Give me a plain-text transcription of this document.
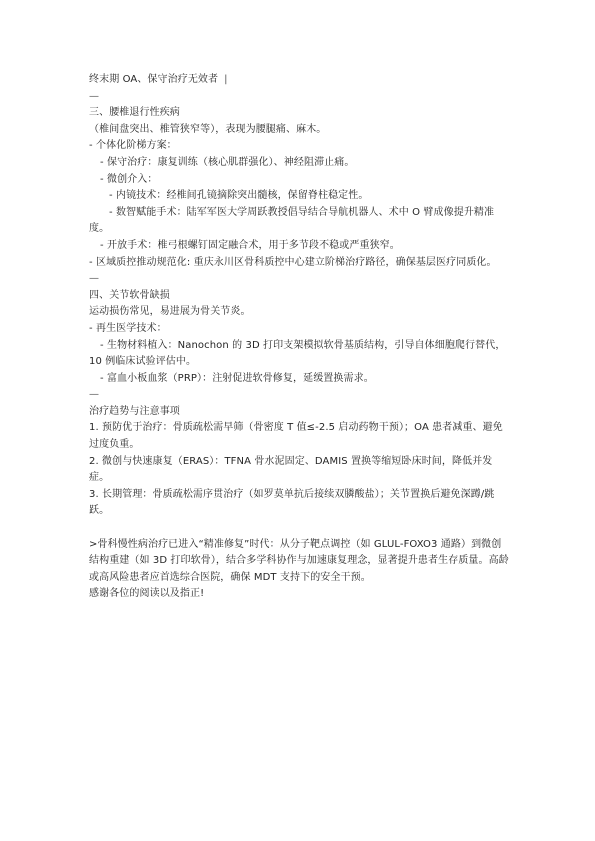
终末期 OA、保守治疗无效者 |

—

三、腰椎退行性疾病

（椎间盘突出、椎管狭窄等），表现为腰腿痛、麻木。

- 个体化阶梯方案：

- 保守治疗：康复训练（核心肌群强化）、神经阻滞止痛。

- 微创介入：

- 内镜技术：经椎间孔镜摘除突出髓核，保留脊柱稳定性。

- 数智赋能手术：陆军军医大学周跃教授倡导结合导航机器人、术中 O 臂成像提升精准度。

- 开放手术：椎弓根螺钉固定融合术，用于多节段不稳或严重狭窄。

- 区域质控推动规范化: 重庆永川区骨科质控中心建立阶梯治疗路径，确保基层医疗同质化。

—

四、关节软骨缺损

运动损伤常见，易进展为骨关节炎。

- 再生医学技术：

- 生物材料植入：Nanochon 的 3D 打印支架模拟软骨基质结构，引导自体细胞爬行替代，10 例临床试验评估中。

- 富血小板血浆（PRP）：注射促进软骨修复，延缓置换需求。

—

治疗趋势与注意事项

1. 预防优于治疗：骨质疏松需早筛（骨密度 T 值≤-2.5 启动药物干预）；OA 患者减重、避免过度负重。

2. 微创与快速康复（ERAS）：TFNA 骨水泥固定、DAMIS 置换等缩短卧床时间，降低并发症。

3. 长期管理：骨质疏松需序贯治疗（如罗莫单抗后接续双膦酸盐）；关节置换后避免深蹲/跳跃。

>骨科慢性病治疗已进入“精准修复”时代：从分子靶点调控（如 GLUL-FOXO3 通路）到微创结构重建（如 3D 打印软骨），结合多学科协作与加速康复理念，显著提升患者生存质量。高龄或高风险患者应首选综合医院，确保 MDT 支持下的安全干预。

感谢各位的阅读以及指正!
